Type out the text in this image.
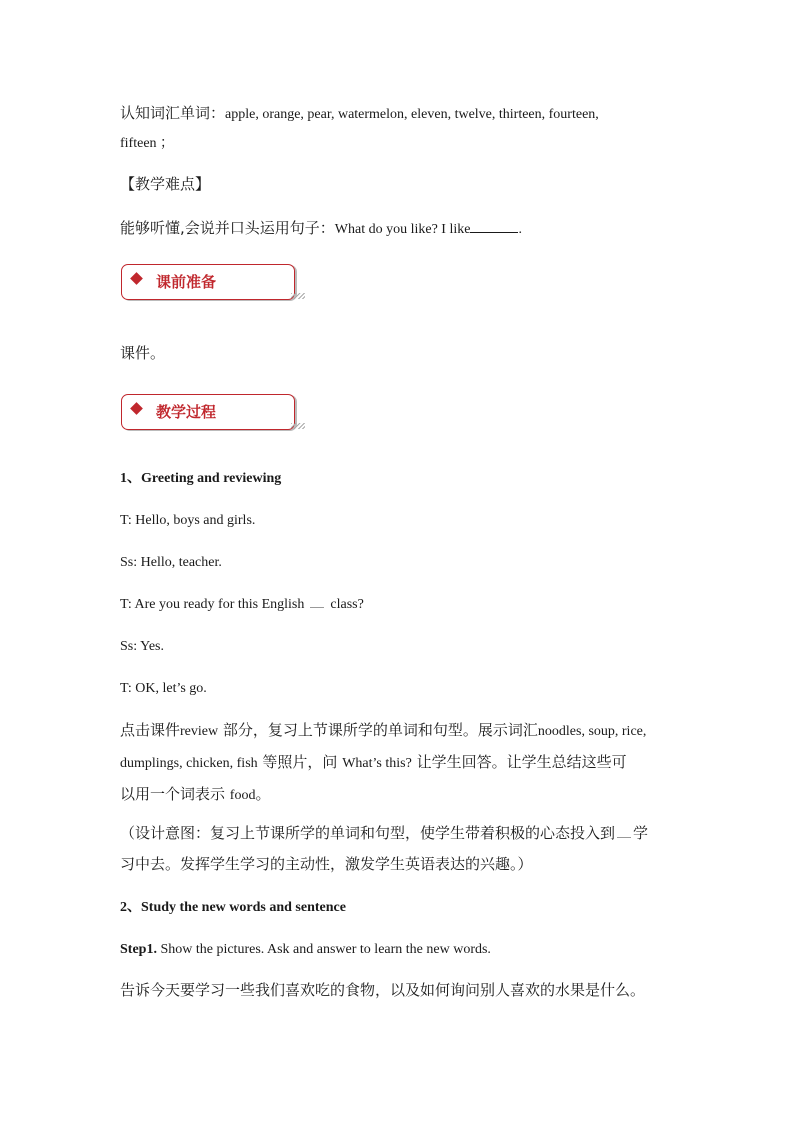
认知词汇单词：apple, orange, pear, watermelon, eleven, twelve, thirteen, fourteen,
fifteen ；
【教学难点】
能够听懂,会说并口头运用句子：What do you like? I like	.
课前准备
课件。
教学过程
1、Greeting and reviewing
T: Hello, boys and girls.
Ss: Hello, teacher.
T: Are you ready for this English class?
Ss: Yes.
T: OK, let’s go.
点击课件review 部分，复习上节课所学的单词和句型。展示词汇noodles, soup, rice,
dumplings, chicken, fish 等照片，问 What’s this? 让学生回答。让学生总结这些可
以用一个词表示 food。
（设计意图：复习上节课所学的单词和句型，使学生带着积极的心态投入到 学
习中去。发挥学生学习的主动性，激发学生英语表达的兴趣。）
2、Study the new words and sentence
Step1. Show the pictures. Ask and answer to learn the new words.
告诉今天要学习一些我们喜欢吃的食物，以及如何询问别人喜欢的水果是什么。
